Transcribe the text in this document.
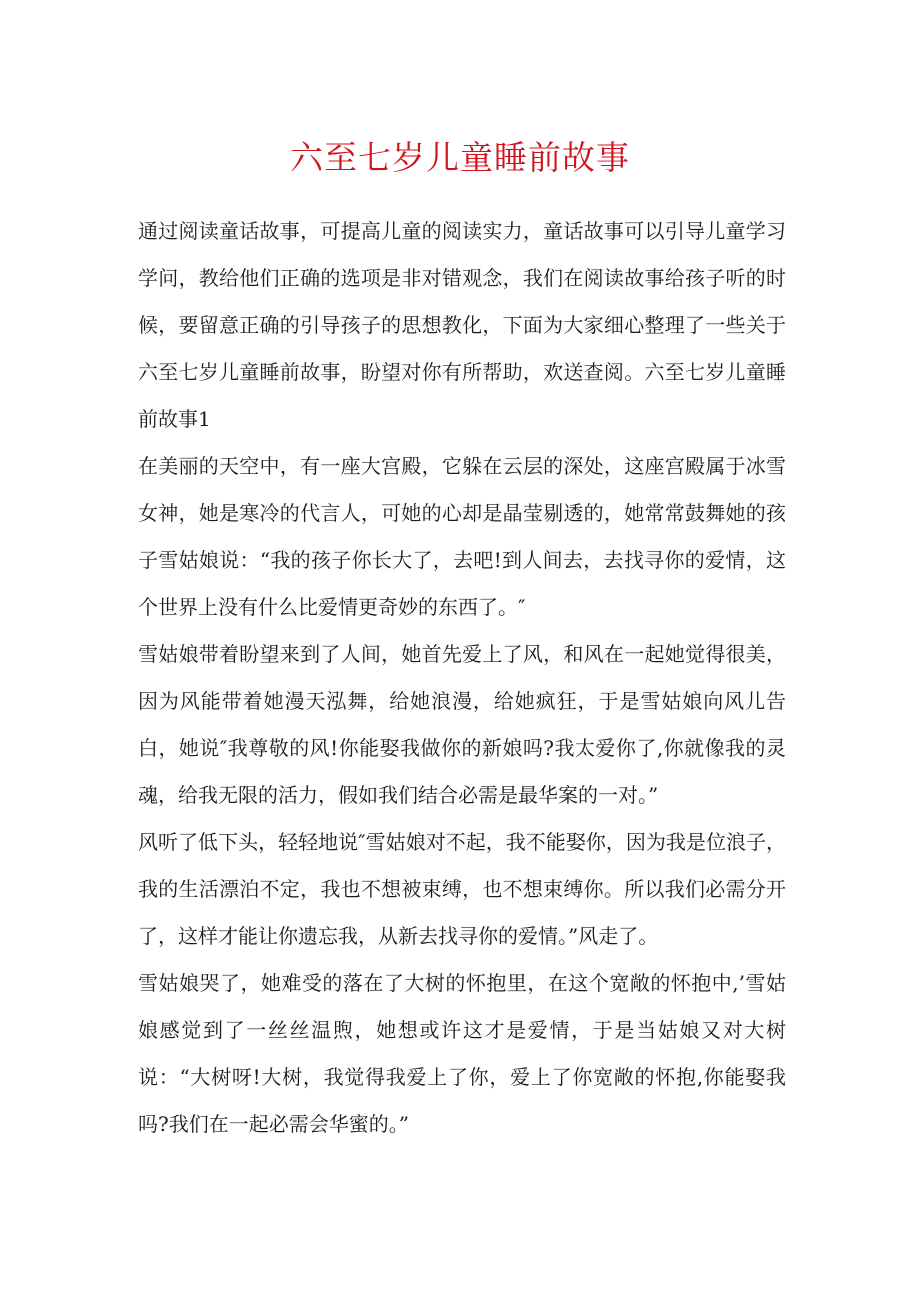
六至七岁儿童睡前故事

通过阅读童话故事，可提高儿童的阅读实力，童话故事可以引导儿童学习学问，教给他们正确的选项是非对错观念，我们在阅读故事给孩子听的时候，要留意正确的引导孩子的思想教化，下面为大家细心整理了一些关于六至七岁儿童睡前故事，盼望对你有所帮助，欢送查阅。六至七岁儿童睡前故事1

在美丽的天空中，有一座大宫殿，它躲在云层的深处，这座宫殿属于冰雪女神，她是寒冷的代言人，可她的心却是晶莹剔透的，她常常鼓舞她的孩子雪姑娘说：“我的孩子你长大了，去吧!到人间去，去找寻你的爱情，这个世界上没有什么比爱情更奇妙的东西了。″

雪姑娘带着盼望来到了人间，她首先爱上了风，和风在一起她觉得很美，因为风能带着她漫天泓舞，给她浪漫，给她疯狂，于是雪姑娘向风儿告白，她说″我尊敬的风!你能娶我做你的新娘吗?我太爱你了,你就像我的灵魂，给我无限的活力，假如我们结合必需是最华案的一对。”

风听了低下头，轻轻地说″雪姑娘对不起，我不能娶你，因为我是位浪子，我的生活漂泊不定，我也不想被束缚，也不想束缚你。所以我们必需分开了，这样才能让你遗忘我，从新去找寻你的爱情。”风走了。

雪姑娘哭了，她难受的落在了大树的怀抱里，在这个宽敞的怀抱中,’雪姑娘感觉到了一丝丝温煦，她想或许这才是爱情，于是当姑娘又对大树说：“大树呀!大树，我觉得我爱上了你，爱上了你宽敞的怀抱,你能娶我吗?我们在一起必需会华蜜的。”
